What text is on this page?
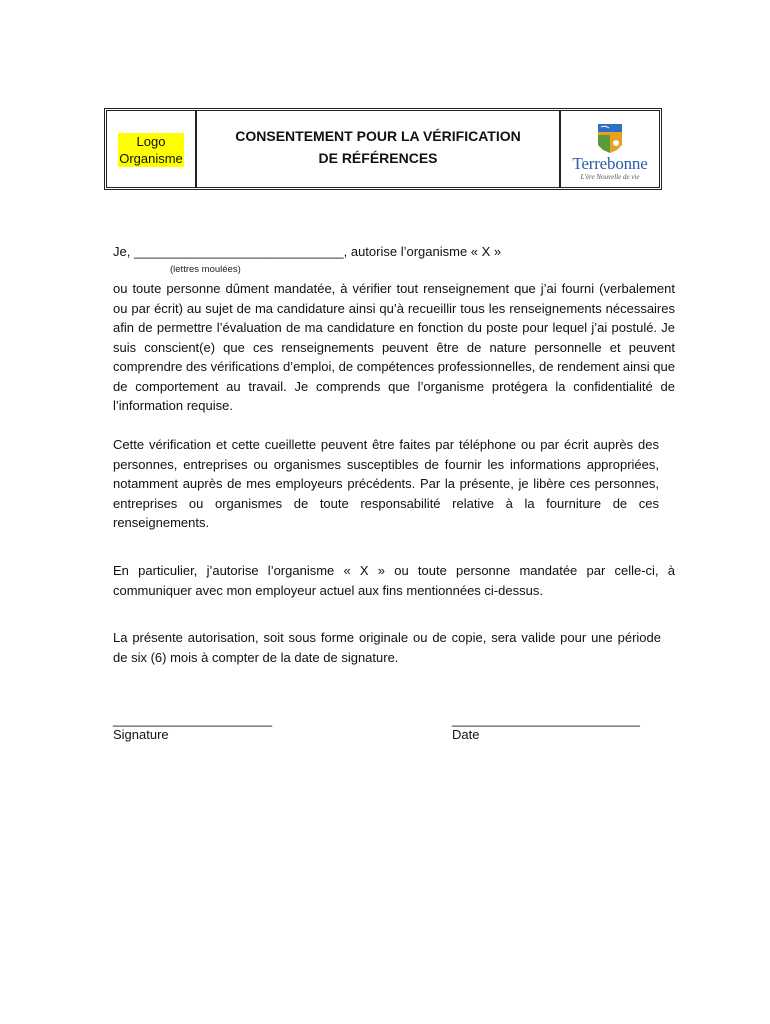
Logo
Organisme
CONSENTEMENT POUR LA VÉRIFICATION
DE RÉFÉRENCES	Terrebonne
L'ère Nouvelle de vie
Je, _____________________________, autorise l’organisme « X »
(lettres moulées)

ou toute personne dûment mandatée, à vérifier tout renseignement que j’ai fourni (verbalement ou par écrit) au sujet de ma candidature ainsi qu’à recueillir tous les renseignements nécessaires afin de permettre l’évaluation de ma candidature en fonction du poste pour lequel j’ai postulé. Je suis conscient(e) que ces renseignements peuvent être de nature personnelle et peuvent comprendre des vérifications d’emploi, de compétences professionnelles, de rendement ainsi que de comportement au travail. Je comprends que l’organisme protégera la confidentialité de l’information requise.

Cette vérification et cette cueillette peuvent être faites par téléphone ou par écrit auprès des personnes, entreprises ou organismes susceptibles de fournir les informations appropriées, notamment auprès de mes employeurs précédents. Par la présente, je libère ces personnes, entreprises ou organismes de toute responsabilité relative à la fourniture de ces renseignements.

En particulier, j’autorise l’organisme « X » ou toute personne mandatée par celle-ci, à communiquer avec mon employeur actuel aux fins mentionnées ci-dessus.

La présente autorisation, soit sous forme originale ou de copie, sera valide pour une période de six (6) mois à compter de la date de signature.

______________________
Signature
__________________________
Date
